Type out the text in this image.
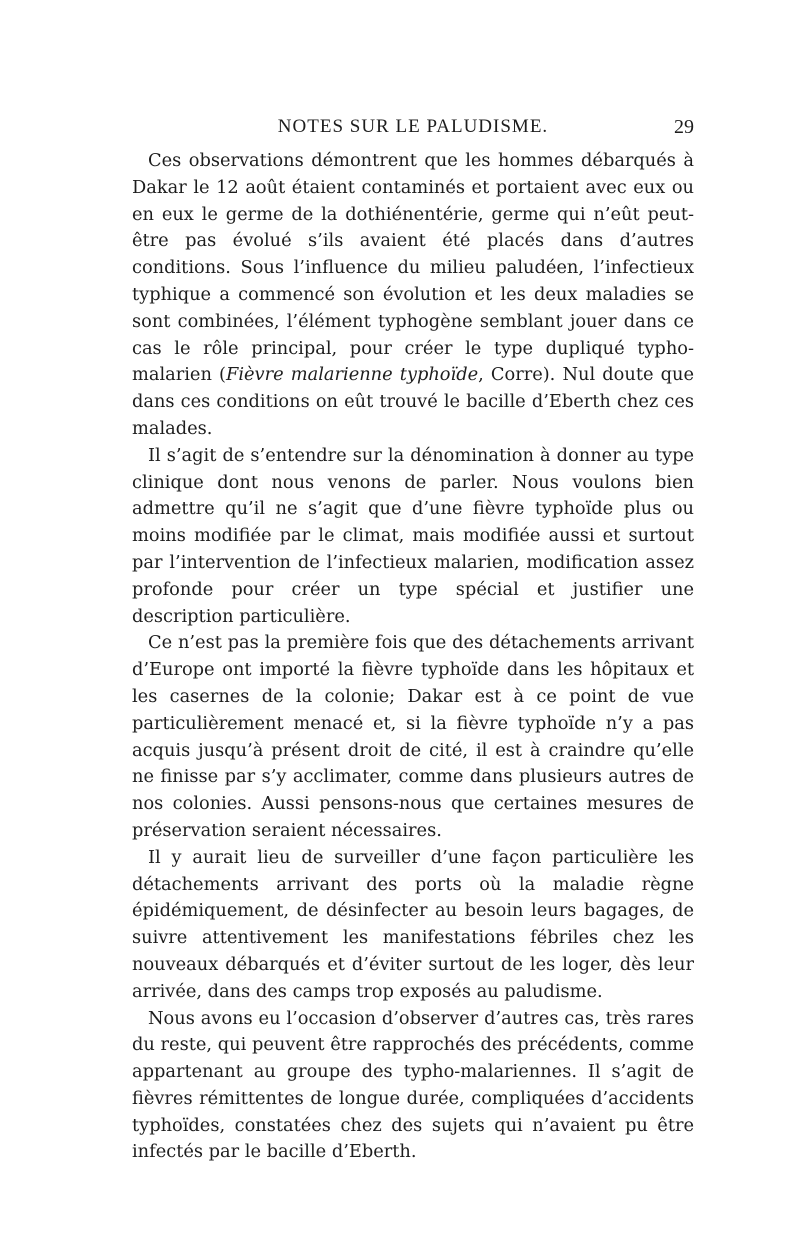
NOTES SUR LE PALUDISME.	29

Ces observations démontrent que les hommes débarqués à Dakar le 12 août étaient contaminés et portaient avec eux ou en eux le germe de la dothiénentérie, germe qui n’eût peut-être pas évolué s’ils avaient été placés dans d’autres conditions. Sous l’influence du milieu paludéen, l’infectieux typhique a commencé son évolution et les deux maladies se sont combinées, l’élément typhogène semblant jouer dans ce cas le rôle principal, pour créer le type dupliqué typho-malarien (Fièvre malarienne typhoïde, Corre). Nul doute que dans ces conditions on eût trouvé le bacille d’Eberth chez ces malades.

Il s’agit de s’entendre sur la dénomination à donner au type clinique dont nous venons de parler. Nous voulons bien admettre qu’il ne s’agit que d’une fièvre typhoïde plus ou moins modifiée par le climat, mais modifiée aussi et surtout par l’intervention de l’infectieux malarien, modification assez profonde pour créer un type spécial et justifier une description particulière.

Ce n’est pas la première fois que des détachements arrivant d’Europe ont importé la fièvre typhoïde dans les hôpitaux et les casernes de la colonie; Dakar est à ce point de vue particulièrement menacé et, si la fièvre typhoïde n’y a pas acquis jusqu’à présent droit de cité, il est à craindre qu’elle ne finisse par s’y acclimater, comme dans plusieurs autres de nos colonies. Aussi pensons-nous que certaines mesures de préservation seraient nécessaires.

Il y aurait lieu de surveiller d’une façon particulière les détachements arrivant des ports où la maladie règne épidémiquement, de désinfecter au besoin leurs bagages, de suivre attentivement les manifestations fébriles chez les nouveaux débarqués et d’éviter surtout de les loger, dès leur arrivée, dans des camps trop exposés au paludisme.

Nous avons eu l’occasion d’observer d’autres cas, très rares du reste, qui peuvent être rapprochés des précédents, comme appartenant au groupe des typho-malariennes. Il s’agit de fièvres rémittentes de longue durée, compliquées d’accidents typhoïdes, constatées chez des sujets qui n’avaient pu être infectés par le bacille d’Eberth.
